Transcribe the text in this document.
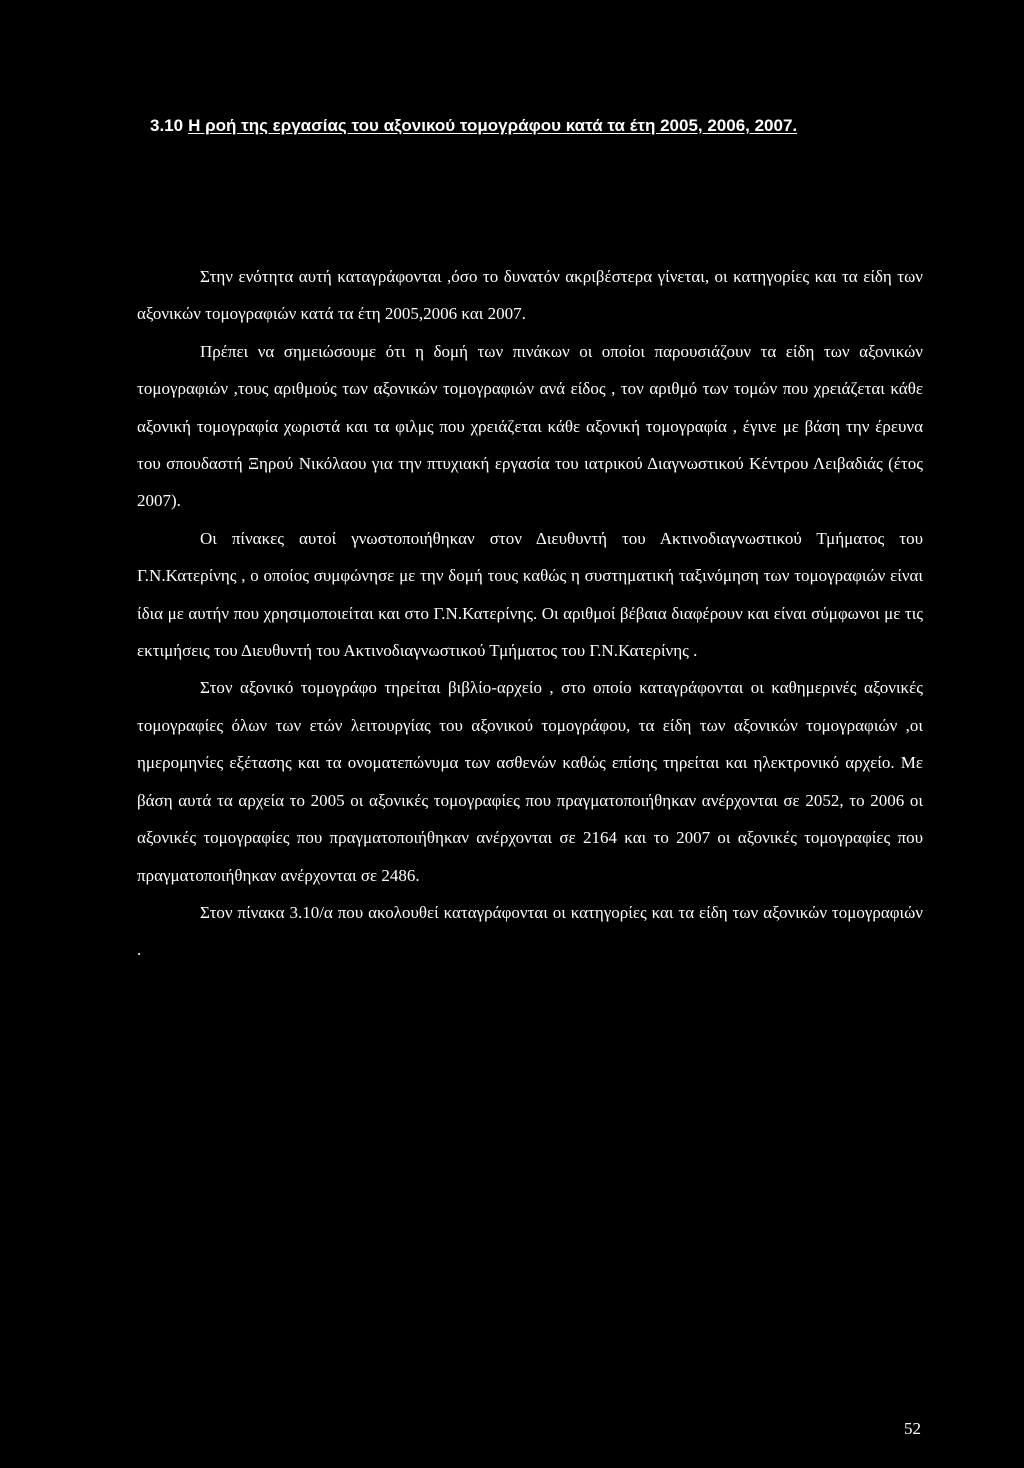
3.10 Η ροή της εργασίας του αξονικού τομογράφου κατά τα έτη 2005, 2006, 2007.

Στην ενότητα αυτή καταγράφονται ,όσο το δυνατόν ακριβέστερα γίνεται, οι κατηγορίες και τα είδη των αξονικών τομογραφιών κατά τα έτη 2005,2006 και 2007.

Πρέπει να σημειώσουμε ότι η δομή των πινάκων οι οποίοι παρουσιάζουν τα είδη των αξονικών τομογραφιών ,τους αριθμούς των αξονικών τομογραφιών ανά είδος , τον αριθμό των τομών που χρειάζεται κάθε αξονική τομογραφία χωριστά και τα φιλμς που χρειάζεται κάθε αξονική τομογραφία , έγινε με βάση την έρευνα του σπουδαστή Ξηρού Νικόλαου για την πτυχιακή εργασία του ιατρικού Διαγνωστικού Κέντρου Λειβαδιάς (έτος 2007).

Οι πίνακες αυτοί γνωστοποιήθηκαν στον Διευθυντή του Ακτινοδιαγνωστικού Τμήματος του Γ.Ν.Κατερίνης , ο οποίος συμφώνησε με την δομή τους καθώς η συστηματική ταξινόμηση των τομογραφιών είναι ίδια με αυτήν που χρησιμοποιείται και στο Γ.Ν.Κατερίνης. Οι αριθμοί βέβαια διαφέρουν και είναι σύμφωνοι με τις εκτιμήσεις του Διευθυντή του Ακτινοδιαγνωστικού Τμήματος του Γ.Ν.Κατερίνης .

Στον αξονικό τομογράφο τηρείται βιβλίο-αρχείο , στο οποίο καταγράφονται οι καθημερινές αξονικές τομογραφίες όλων των ετών λειτουργίας του αξονικού τομογράφου, τα είδη των αξονικών τομογραφιών ,οι ημερομηνίες εξέτασης και τα ονοματεπώνυμα των ασθενών καθώς επίσης τηρείται και ηλεκτρονικό αρχείο. Με βάση αυτά τα αρχεία το 2005 οι αξονικές τομογραφίες που πραγματοποιήθηκαν ανέρχονται σε 2052, το 2006 οι αξονικές τομογραφίες που πραγματοποιήθηκαν ανέρχονται σε 2164 και το 2007 οι αξονικές τομογραφίες που πραγματοποιήθηκαν ανέρχονται σε 2486.

Στον πίνακα 3.10/α που ακολουθεί καταγράφονται οι κατηγορίες και τα είδη των αξονικών τομογραφιών .

52
